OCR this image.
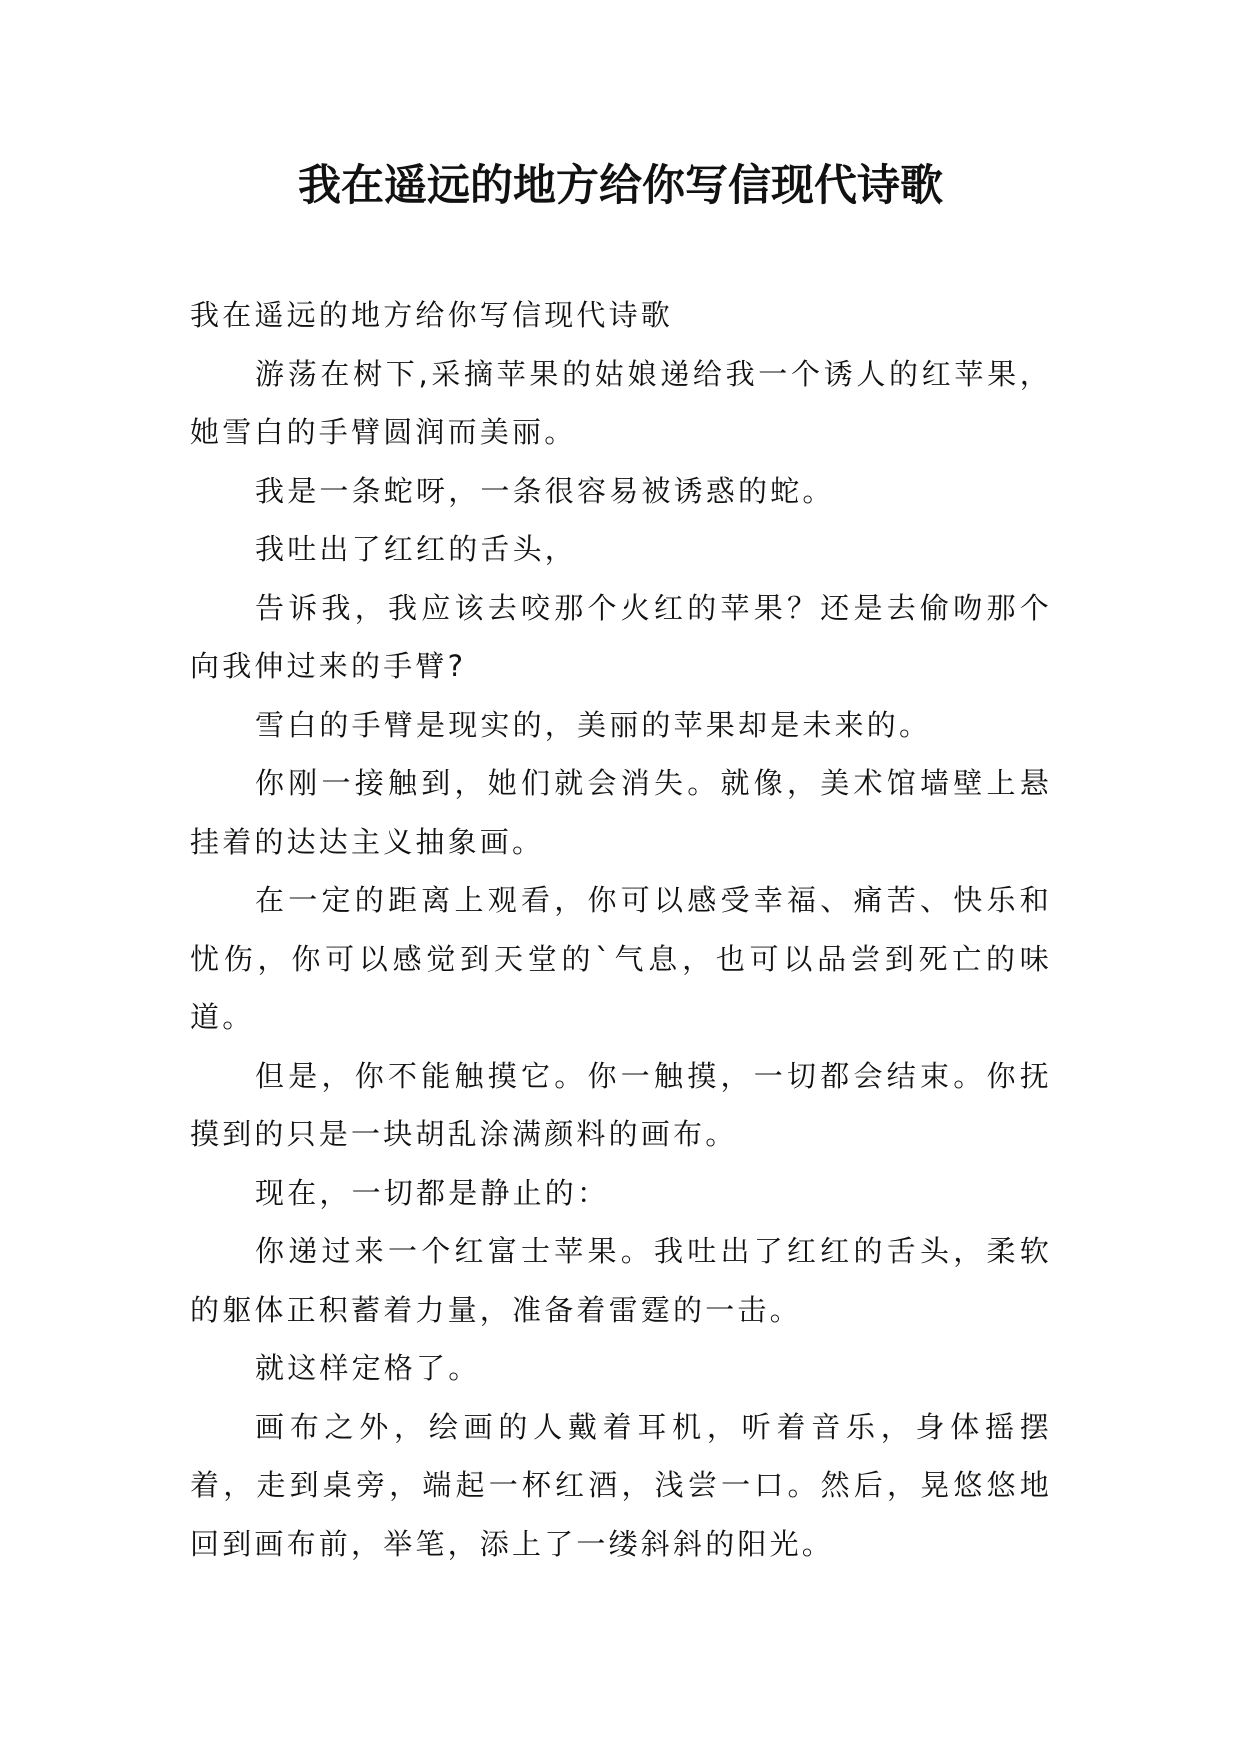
我在遥远的地方给你写信现代诗歌

我在遥远的地方给你写信现代诗歌

游荡在树下,采摘苹果的姑娘递给我一个诱人的红苹果，她雪白的手臂圆润而美丽。

我是一条蛇呀，一条很容易被诱惑的蛇。

我吐出了红红的舌头，

告诉我，我应该去咬那个火红的苹果？还是去偷吻那个向我伸过来的手臂?

雪白的手臂是现实的，美丽的苹果却是未来的。

你刚一接触到，她们就会消失。就像，美术馆墙壁上悬挂着的达达主义抽象画。

在一定的距离上观看，你可以感受幸福、痛苦、快乐和忧伤，你可以感觉到天堂的`气息，也可以品尝到死亡的味道。

但是，你不能触摸它。你一触摸，一切都会结束。你抚摸到的只是一块胡乱涂满颜料的画布。

现在，一切都是静止的：

你递过来一个红富士苹果。我吐出了红红的舌头，柔软的躯体正积蓄着力量，准备着雷霆的一击。

就这样定格了。

画布之外，绘画的人戴着耳机，听着音乐，身体摇摆着，走到桌旁，端起一杯红酒，浅尝一口。然后，晃悠悠地回到画布前，举笔，添上了一缕斜斜的阳光。
